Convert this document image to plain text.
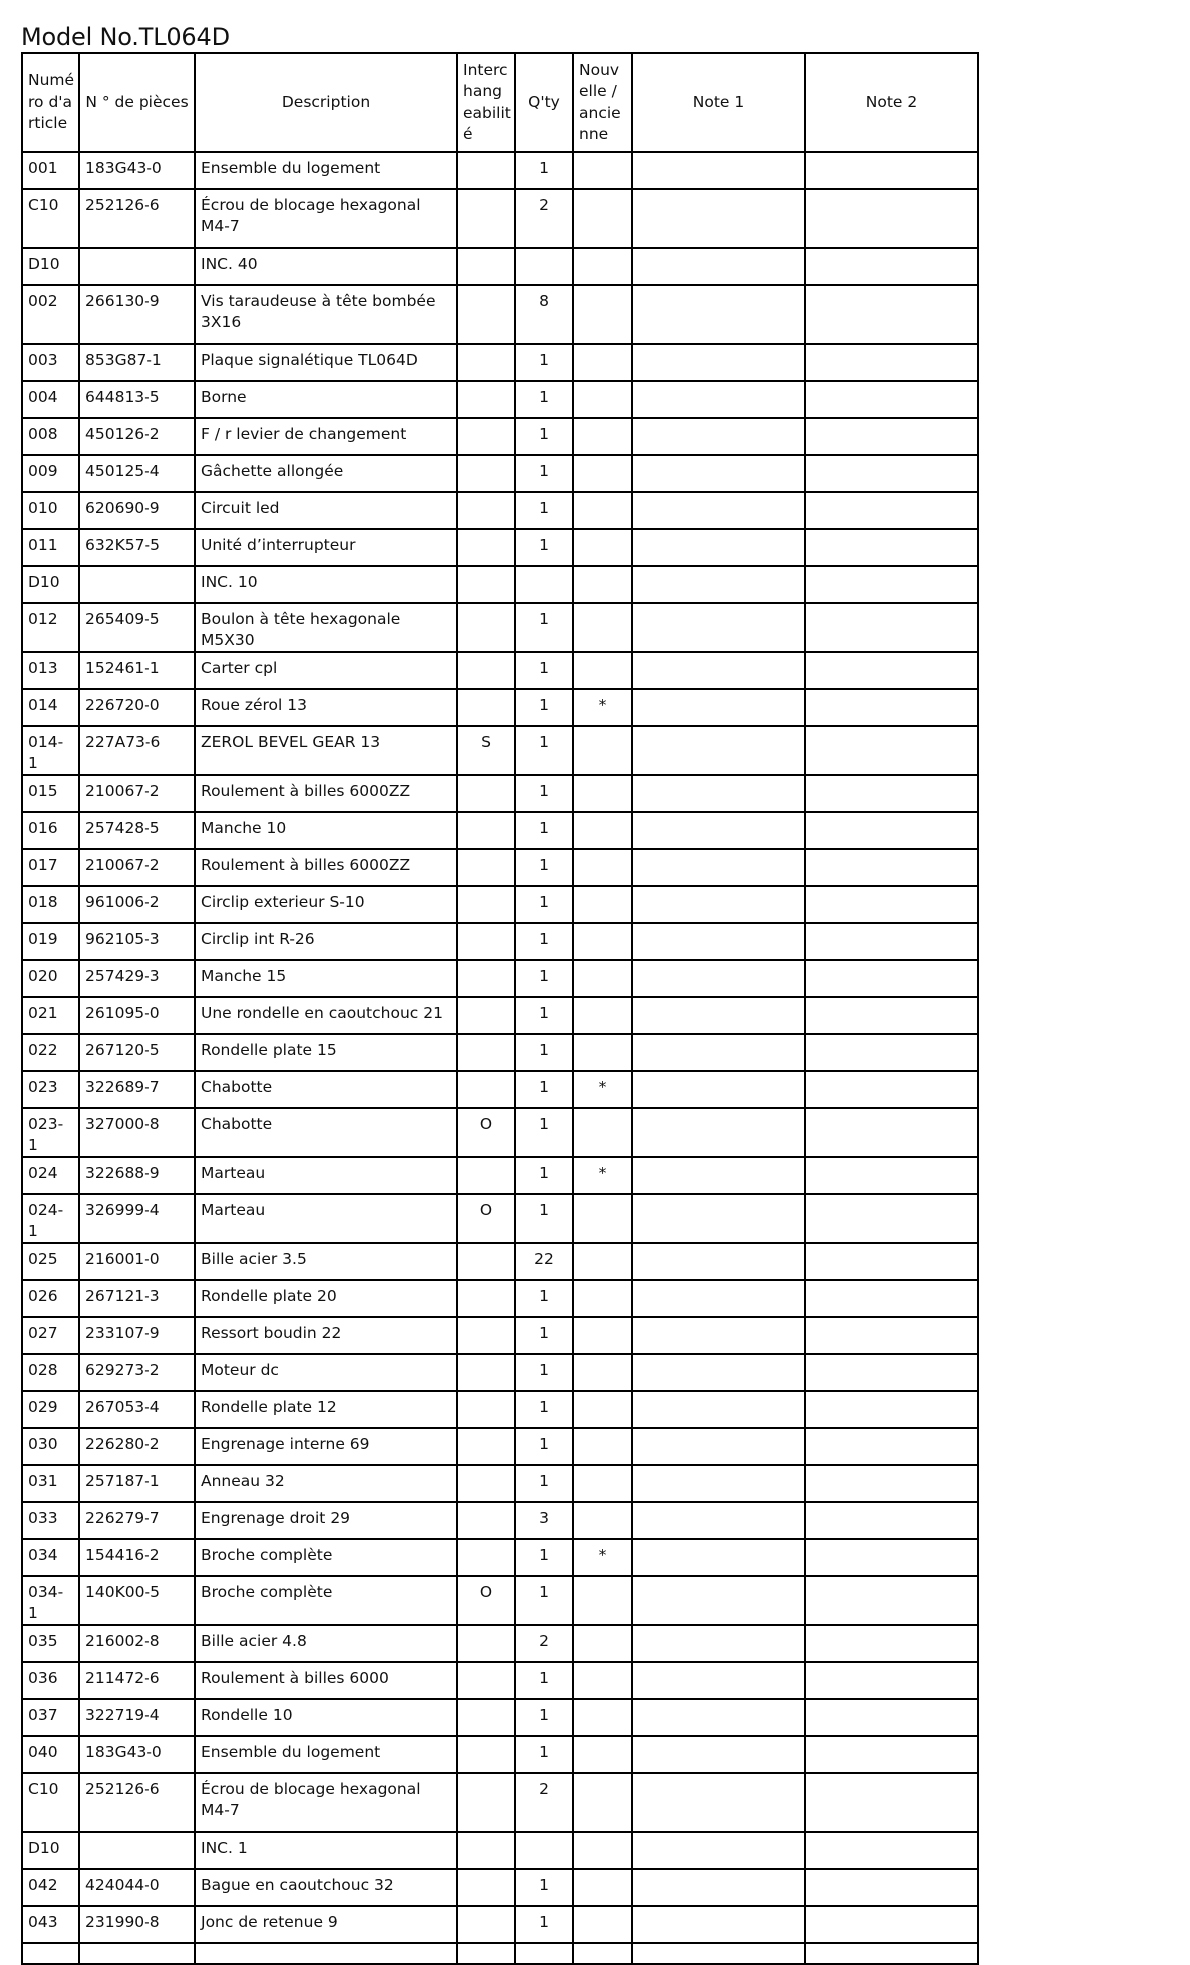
Model No.TL064D
Numé ro d'a rticle	N ° de pièces	Description	Interc hang eabilit é	Q'ty	Nouv elle / ancie nne	Note 1	Note 2
001	183G43-0	Ensemble du logement		1			
C10	252126-6	Écrou de blocage hexagonal M4-7		2			
D10		INC. 40					
002	266130-9	Vis taraudeuse à tête bombée 3X16		8			
003	853G87-1	Plaque signalétique TL064D		1			
004	644813-5	Borne		1			
008	450126-2	F / r levier de changement		1			
009	450125-4	Gâchette allongée		1			
010	620690-9	Circuit led		1			
011	632K57-5	Unité d’interrupteur		1			
D10		INC. 10					
012	265409-5	Boulon à tête hexagonale M5X30		1			
013	152461-1	Carter cpl		1			
014	226720-0	Roue zérol 13		1	*		
014-1	227A73-6	ZEROL BEVEL GEAR 13	S	1			
015	210067-2	Roulement à billes 6000ZZ		1			
016	257428-5	Manche 10		1			
017	210067-2	Roulement à billes 6000ZZ		1			
018	961006-2	Circlip exterieur S-10		1			
019	962105-3	Circlip int R-26		1			
020	257429-3	Manche 15		1			
021	261095-0	Une rondelle en caoutchouc 21		1			
022	267120-5	Rondelle plate 15		1			
023	322689-7	Chabotte		1	*		
023-1	327000-8	Chabotte	O	1			
024	322688-9	Marteau		1	*		
024-1	326999-4	Marteau	O	1			
025	216001-0	Bille acier 3.5		22			
026	267121-3	Rondelle plate 20		1			
027	233107-9	Ressort boudin 22		1			
028	629273-2	Moteur dc		1			
029	267053-4	Rondelle plate 12		1			
030	226280-2	Engrenage interne 69		1			
031	257187-1	Anneau 32		1			
033	226279-7	Engrenage droit 29		3			
034	154416-2	Broche complète		1	*		
034-1	140K00-5	Broche complète	O	1			
035	216002-8	Bille acier 4.8		2			
036	211472-6	Roulement à billes 6000		1			
037	322719-4	Rondelle 10		1			
040	183G43-0	Ensemble du logement		1			
C10	252126-6	Écrou de blocage hexagonal M4-7		2			
D10		INC. 1					
042	424044-0	Bague en caoutchouc 32		1			
043	231990-8	Jonc de retenue 9		1			
